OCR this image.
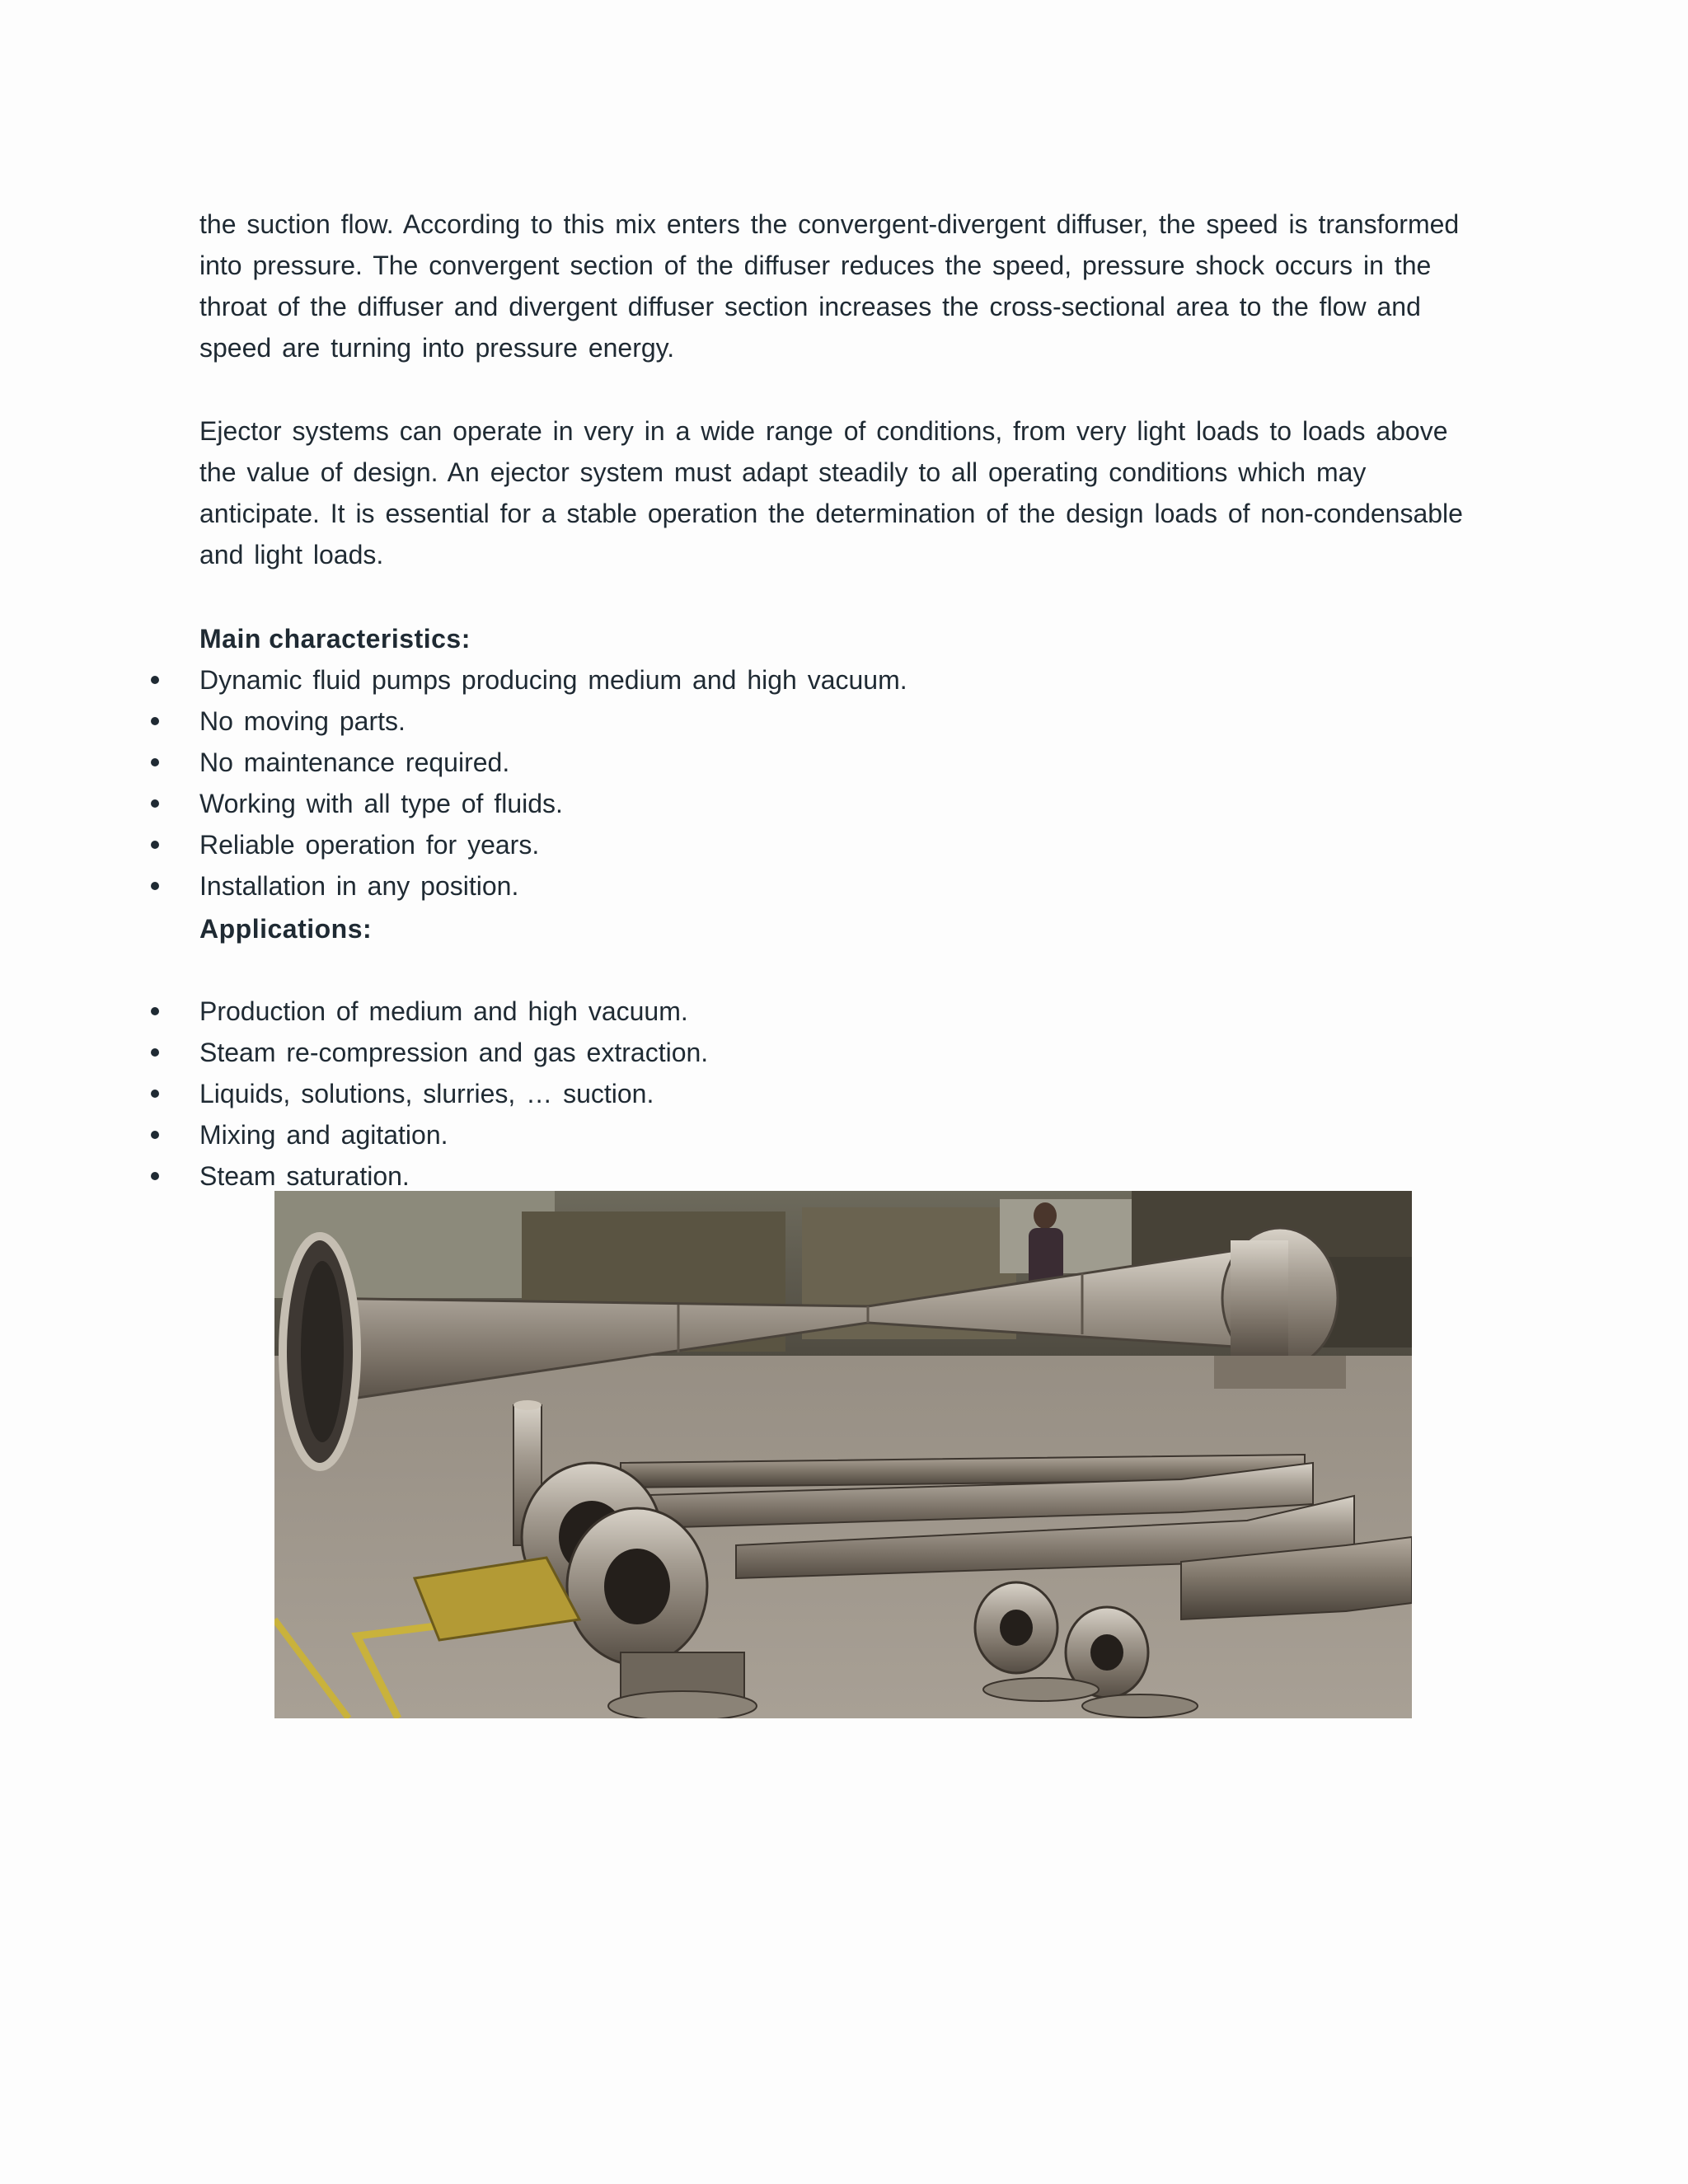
the suction flow. According to this mix enters the convergent-divergent diffuser, the speed is transformed into pressure. The convergent section of the diffuser reduces the speed, pressure shock occurs in the throat of the diffuser and divergent diffuser section increases the cross-sectional area to the flow and speed are turning into pressure energy.

Ejector systems can operate in very in a wide range of conditions, from very light loads to loads above the value of design. An ejector system must adapt steadily to all operating conditions which may anticipate. It is essential for a stable operation the determination of the design loads of non-condensable and light loads.

Main characteristics:

Dynamic fluid pumps producing medium and high vacuum.
No moving parts.
No maintenance required.
Working with all type of fluids.
Reliable operation for years.
Installation in any position.

Applications:

Production of medium and high vacuum.
Steam re-compression and gas extraction.
Liquids, solutions, slurries, … suction.
Mixing and agitation.
Steam saturation.
